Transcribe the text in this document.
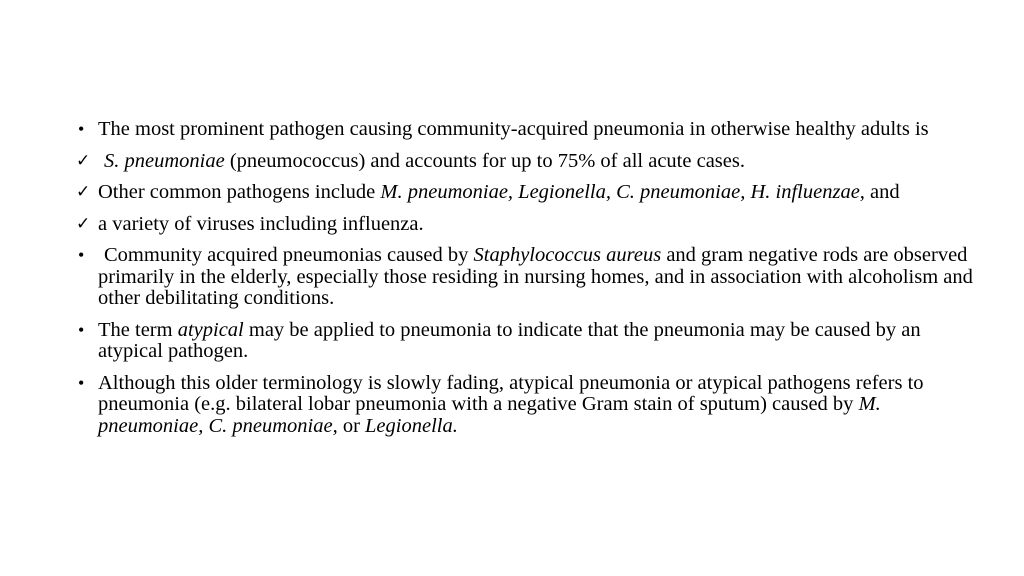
• The most prominent pathogen causing community-acquired pneumonia in otherwise healthy adults is
✓ S. pneumoniae (pneumococcus) and accounts for up to 75% of all acute cases.
✓ Other common pathogens include M. pneumoniae, Legionella, C. pneumoniae, H. influenzae, and
✓ a variety of viruses including influenza.
• Community acquired pneumonias caused by Staphylococcus aureus and gram negative rods are observed primarily in the elderly, especially those residing in nursing homes, and in association with alcoholism and other debilitating conditions.
• The term atypical may be applied to pneumonia to indicate that the pneumonia may be caused by an atypical pathogen.
• Although this older terminology is slowly fading, atypical pneumonia or atypical pathogens refers to pneumonia (e.g. bilateral lobar pneumonia with a negative Gram stain of sputum) caused by M. pneumoniae, C. pneumoniae, or Legionella.
